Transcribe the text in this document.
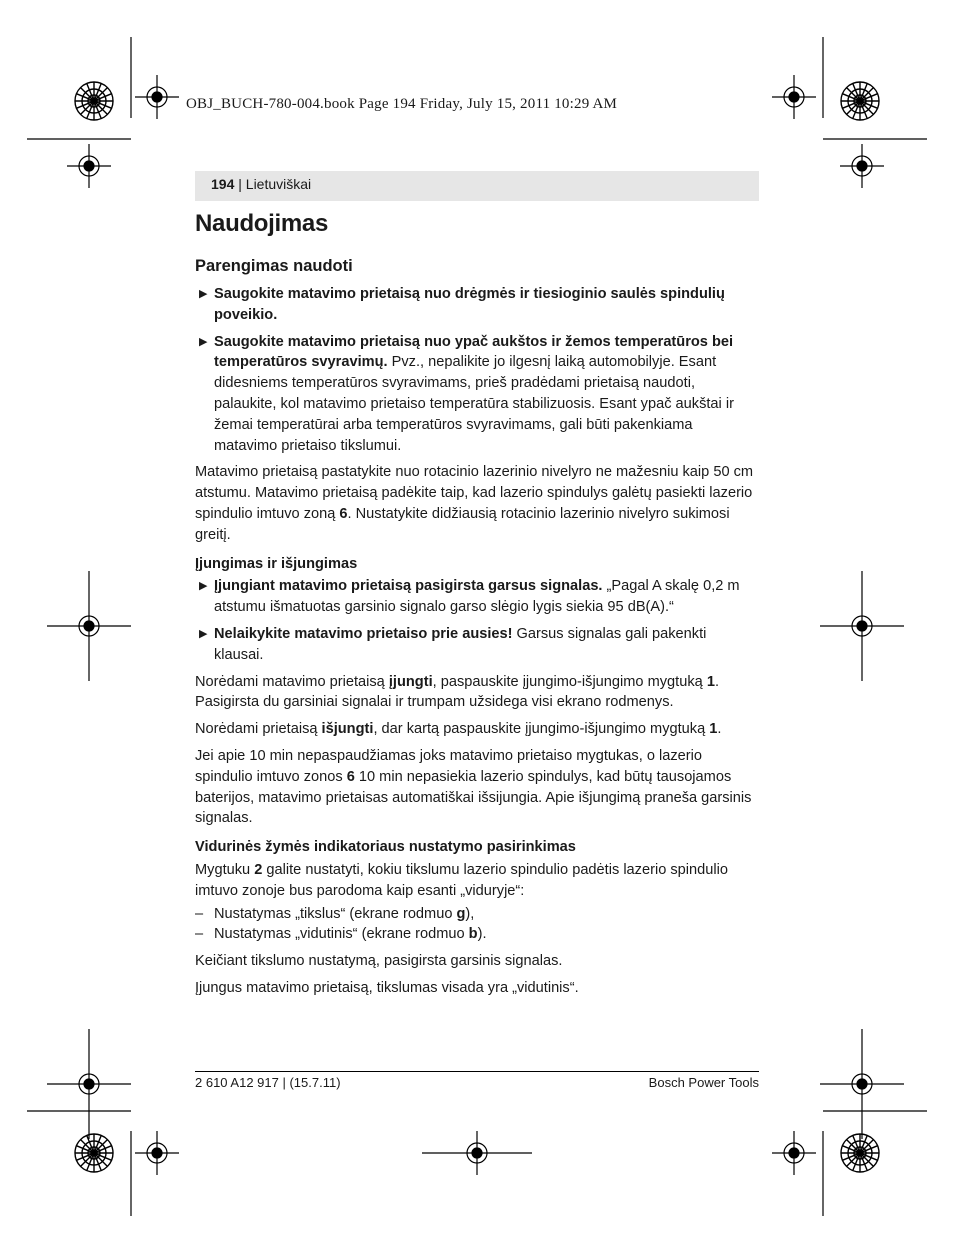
OBJ_BUCH-780-004.book Page 194 Friday, July 15, 2011 10:29 AM
194 | Lietuviškai
Naudojimas
Parengimas naudoti
▶ Saugokite matavimo prietaisą nuo drėgmės ir tiesioginio saulės spindulių poveikio.
▶ Saugokite matavimo prietaisą nuo ypač aukštos ir žemos temperatūros bei temperatūros svyravimų. Pvz., nepalikite jo ilgesnį laiką automobilyje. Esant didesniems temperatūros svyravimams, prieš pradėdami prietaisą naudoti, palaukite, kol matavimo prietaiso temperatūra stabilizuosis. Esant ypač aukštai ir žemai temperatūrai arba temperatūros svyravimams, gali būti pakenkiama matavimo prietaiso tikslumui.

Matavimo prietaisą pastatykite nuo rotacinio lazerinio nivelyro ne mažesniu kaip 50 cm atstumu. Matavimo prietaisą padėkite taip, kad lazerio spindulys galėtų pasiekti lazerio spindulio imtuvo zoną 6. Nustatykite didžiausią rotacinio lazerinio nivelyro sukimosi greitį.

Įjungimas ir išjungimas
▶ Įjungiant matavimo prietaisą pasigirsta garsus signalas. „Pagal A skalę 0,2 m atstumu išmatuotas garsinio signalo garso slėgio lygis siekia 95 dB(A).“
▶ Nelaikykite matavimo prietaiso prie ausies! Garsus signalas gali pakenkti klausai.

Norėdami matavimo prietaisą įjungti, paspauskite įjungimo-išjungimo mygtuką 1. Pasigirsta du garsiniai signalai ir trumpam užsidega visi ekrano rodmenys.

Norėdami prietaisą išjungti, dar kartą paspauskite įjungimo-išjungimo mygtuką 1.

Jei apie 10 min nepaspaudžiamas joks matavimo prietaiso mygtukas, o lazerio spindulio imtuvo zonos 6 10 min nepasiekia lazerio spindulys, kad būtų tausojamos baterijos, matavimo prietaisas automatiškai išsijungia. Apie išjungimą praneša garsinis signalas.

Vidurinės žymės indikatoriaus nustatymo pasirinkimas

Mygtuku 2 galite nustatyti, kokiu tikslumu lazerio spindulio padėtis lazerio spindulio imtuvo zonoje bus parodoma kaip esanti „viduryje“:

– Nustatymas „tikslus“ (ekrane rodmuo g),
– Nustatymas „vidutinis“ (ekrane rodmuo b).

Keičiant tikslumo nustatymą, pasigirsta garsinis signalas.

Įjungus matavimo prietaisą, tikslumas visada yra „vidutinis“.

2 610 A12 917 | (15.7.11)	Bosch Power Tools
